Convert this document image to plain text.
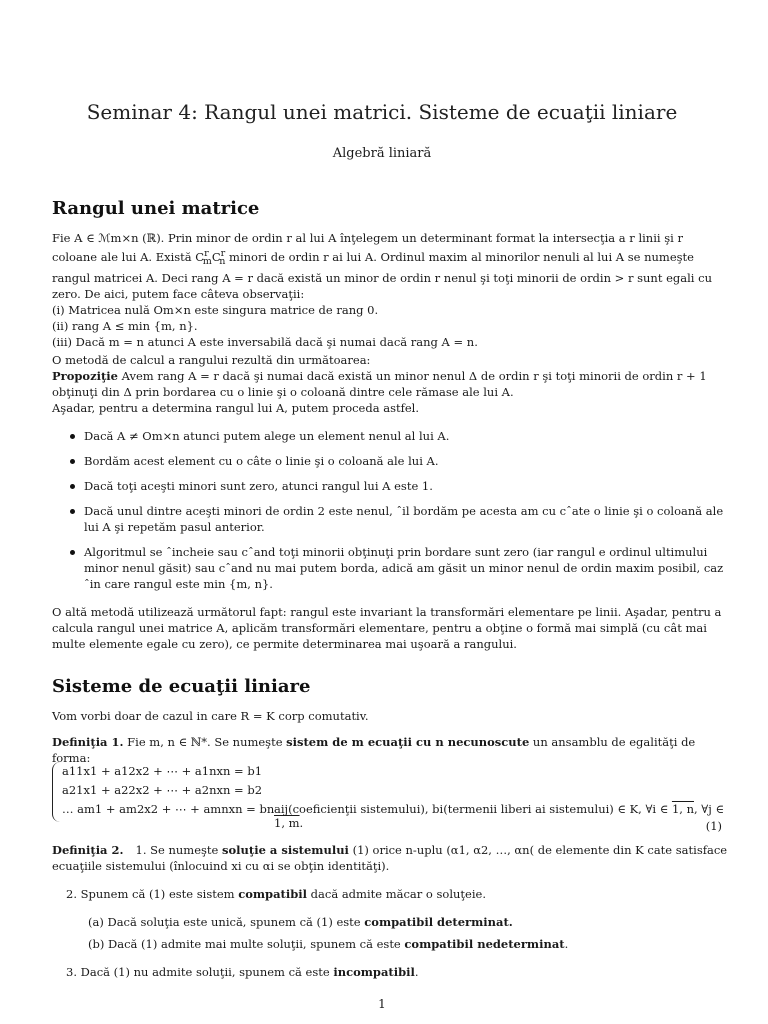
Seminar 4: Rangul unei matrici. Sisteme de ecuaţii liniare
Algebră liniară
Rangul unei matrice

Fie A ∈ ℳm×n (ℝ). Prin minor de ordin r al lui A înţelegem un determinant format la intersecţia a r linii şi r coloane ale lui A. Există $C^r_mC^r_n$ minori de ordin r ai lui A. Ordinul maxim al minorilor nenuli al lui A se numeşte rangul matricei A. Deci rang A = r dacă există un minor de ordin r nenul şi toţi minorii de ordin > r sunt egali cu zero. De aici, putem face câteva observaţii:

(i) Matricea nulă Om×n este singura matrice de rang 0.

(ii) rang A ≤ min {m, n}.

(iii) Dacă m = n atunci A este inversabilă dacă şi numai dacă rang A = n.

O metodă de calcul a rangului rezultă din următoarea:

Propoziţie Avem rang A = r dacă şi numai dacă există un minor nenul Δ de ordin r şi toţi minorii de ordin r + 1 obţinuţi din Δ prin bordarea cu o linie şi o coloană dintre cele rămase ale lui A.

Aşadar, pentru a determina rangul lui A, putem proceda astfel.

Dacă A ≠ Om×n atunci putem alege un element nenul al lui A.
Bordăm acest element cu o câte o linie şi o coloană ale lui A.
Dacă toţi aceşti minori sunt zero, atunci rangul lui A este 1.
Dacă unul dintre aceşti minori de ordin 2 este nenul, ˆil bordăm pe acesta am cu cˆate o linie şi o coloană ale lui A şi repetăm pasul anterior.
Algoritmul se ˆincheie sau cˆand toţi minorii obţinuţi prin bordare sunt zero (iar rangul e ordinul ultimului minor nenul găsit) sau cˆand nu mai putem borda, adică am găsit un minor nenul de ordin maxim posibil, caz ˆin care rangul este min {m, n}.

O altă metodă utilizează următorul fapt: rangul este invariant la transformări elementare pe linii. Aşadar, pentru a calcula rangul unei matrice A, aplicăm transformări elementare, pentru a obţine o formă mai simplă (cu cât mai multe elemente egale cu zero), ce permite determinarea mai uşoară a rangului.

Sisteme de ecuaţii liniare

Vom vorbi doar de cazul in care R = K corp comutativ.

Definiţia 1. Fie m, n ∈ ℕ*. Se numeşte sistem de m ecuaţii cu n necunoscute un ansamblu de egalităţi de forma:

a11x1 + a12x2 + ⋯ + a1nxn = b1
a21x1 + a22x2 + ⋯ + a2nxn = b2
… am1 + am2x2 + ⋯ + amnxn = bn aij(coeficienţii sistemului), bi(termenii liberi ai sistemului) ∈ K, ∀i ∈ 1, n, ∀j ∈ 1, m.	(1)

Definiţia 2. 1. Se numeşte soluţie a sistemului (1) orice n-uplu (α1, α2, …, αn( de elemente din K cate satisface ecuaţiile sistemului (înlocuind xi cu αi se obţin identităţi).

2. Spunem că (1) este sistem compatibil dacă admite măcar o soluţeie.

(a) Dacă soluţia este unică, spunem că (1) este compatibil determinat.

(b) Dacă (1) admite mai multe soluţii, spunem că este compatibil nedeterminat.

3. Dacă (1) nu admite soluţii, spunem că este incompatibil.

1
